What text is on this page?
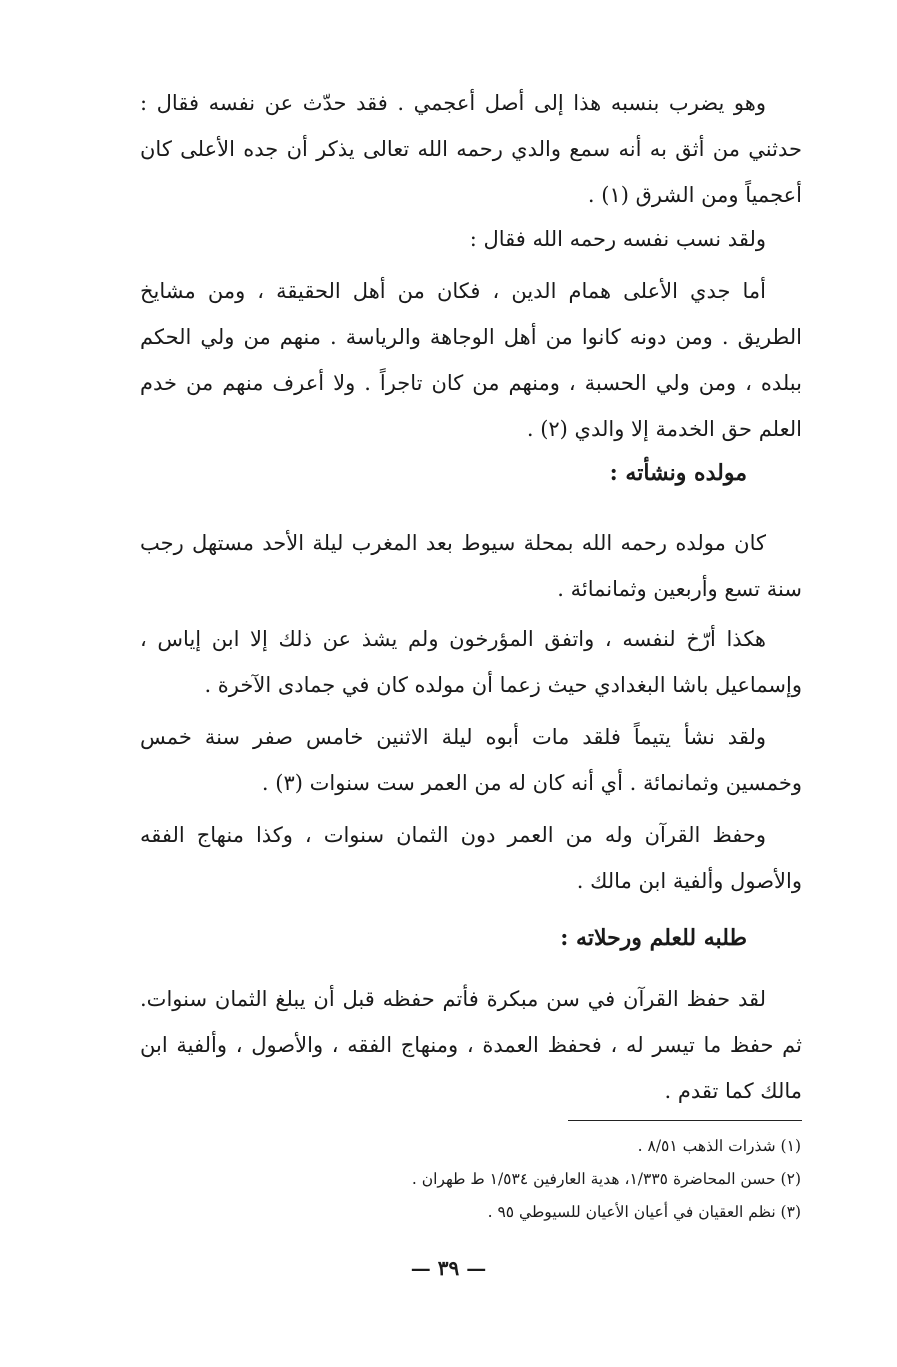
وهو يضرب بنسبه هذا إلى أصل أعجمي . فقد حدّث عن نفسه فقال : حدثني من أثق به أنه سمع والدي رحمه الله تعالى يذكر أن جده الأعلى كان أعجمياً ومن الشرق (١) .

ولقد نسب نفسه رحمه الله فقال :

أما جدي الأعلى همام الدين ، فكان من أهل الحقيقة ، ومن مشايخ الطريق . ومن دونه كانوا من أهل الوجاهة والرياسة . منهم من ولي الحكم ببلده ، ومن ولي الحسبة ، ومنهم من كان تاجراً . ولا أعرف منهم من خدم العلم حق الخدمة إلا والدي (٢) .

مولده ونشأته :

كان مولده رحمه الله بمحلة سيوط بعد المغرب ليلة الأحد مستهل رجب سنة تسع وأربعين وثمانمائة .

هكذا أرّخ لنفسه ، واتفق المؤرخون ولم يشذ عن ذلك إلا ابن إياس ، وإسماعيل باشا البغدادي حيث زعما أن مولده كان في جمادى الآخرة .

ولقد نشأ يتيماً فلقد مات أبوه ليلة الاثنين خامس صفر سنة خمس وخمسين وثمانمائة . أي أنه كان له من العمر ست سنوات (٣) .

وحفظ القرآن وله من العمر دون الثمان سنوات ، وكذا منهاج الفقه والأصول وألفية ابن مالك .

طلبه للعلم ورحلاته :

لقد حفظ القرآن في سن مبكرة فأتم حفظه قبل أن يبلغ الثمان سنوات. ثم حفظ ما تيسر له ، فحفظ العمدة ، ومنهاج الفقه ، والأصول ، وألفية ابن مالك كما تقدم .

(١) شذرات الذهب ٨/٥١ .
(٢) حسن المحاضرة ١/٣٣٥، هدية العارفين ١/٥٣٤ ط طهران .
(٣) نظم العقيان في أعيان الأعيان للسيوطي ٩٥ .
— ٣٩ —
